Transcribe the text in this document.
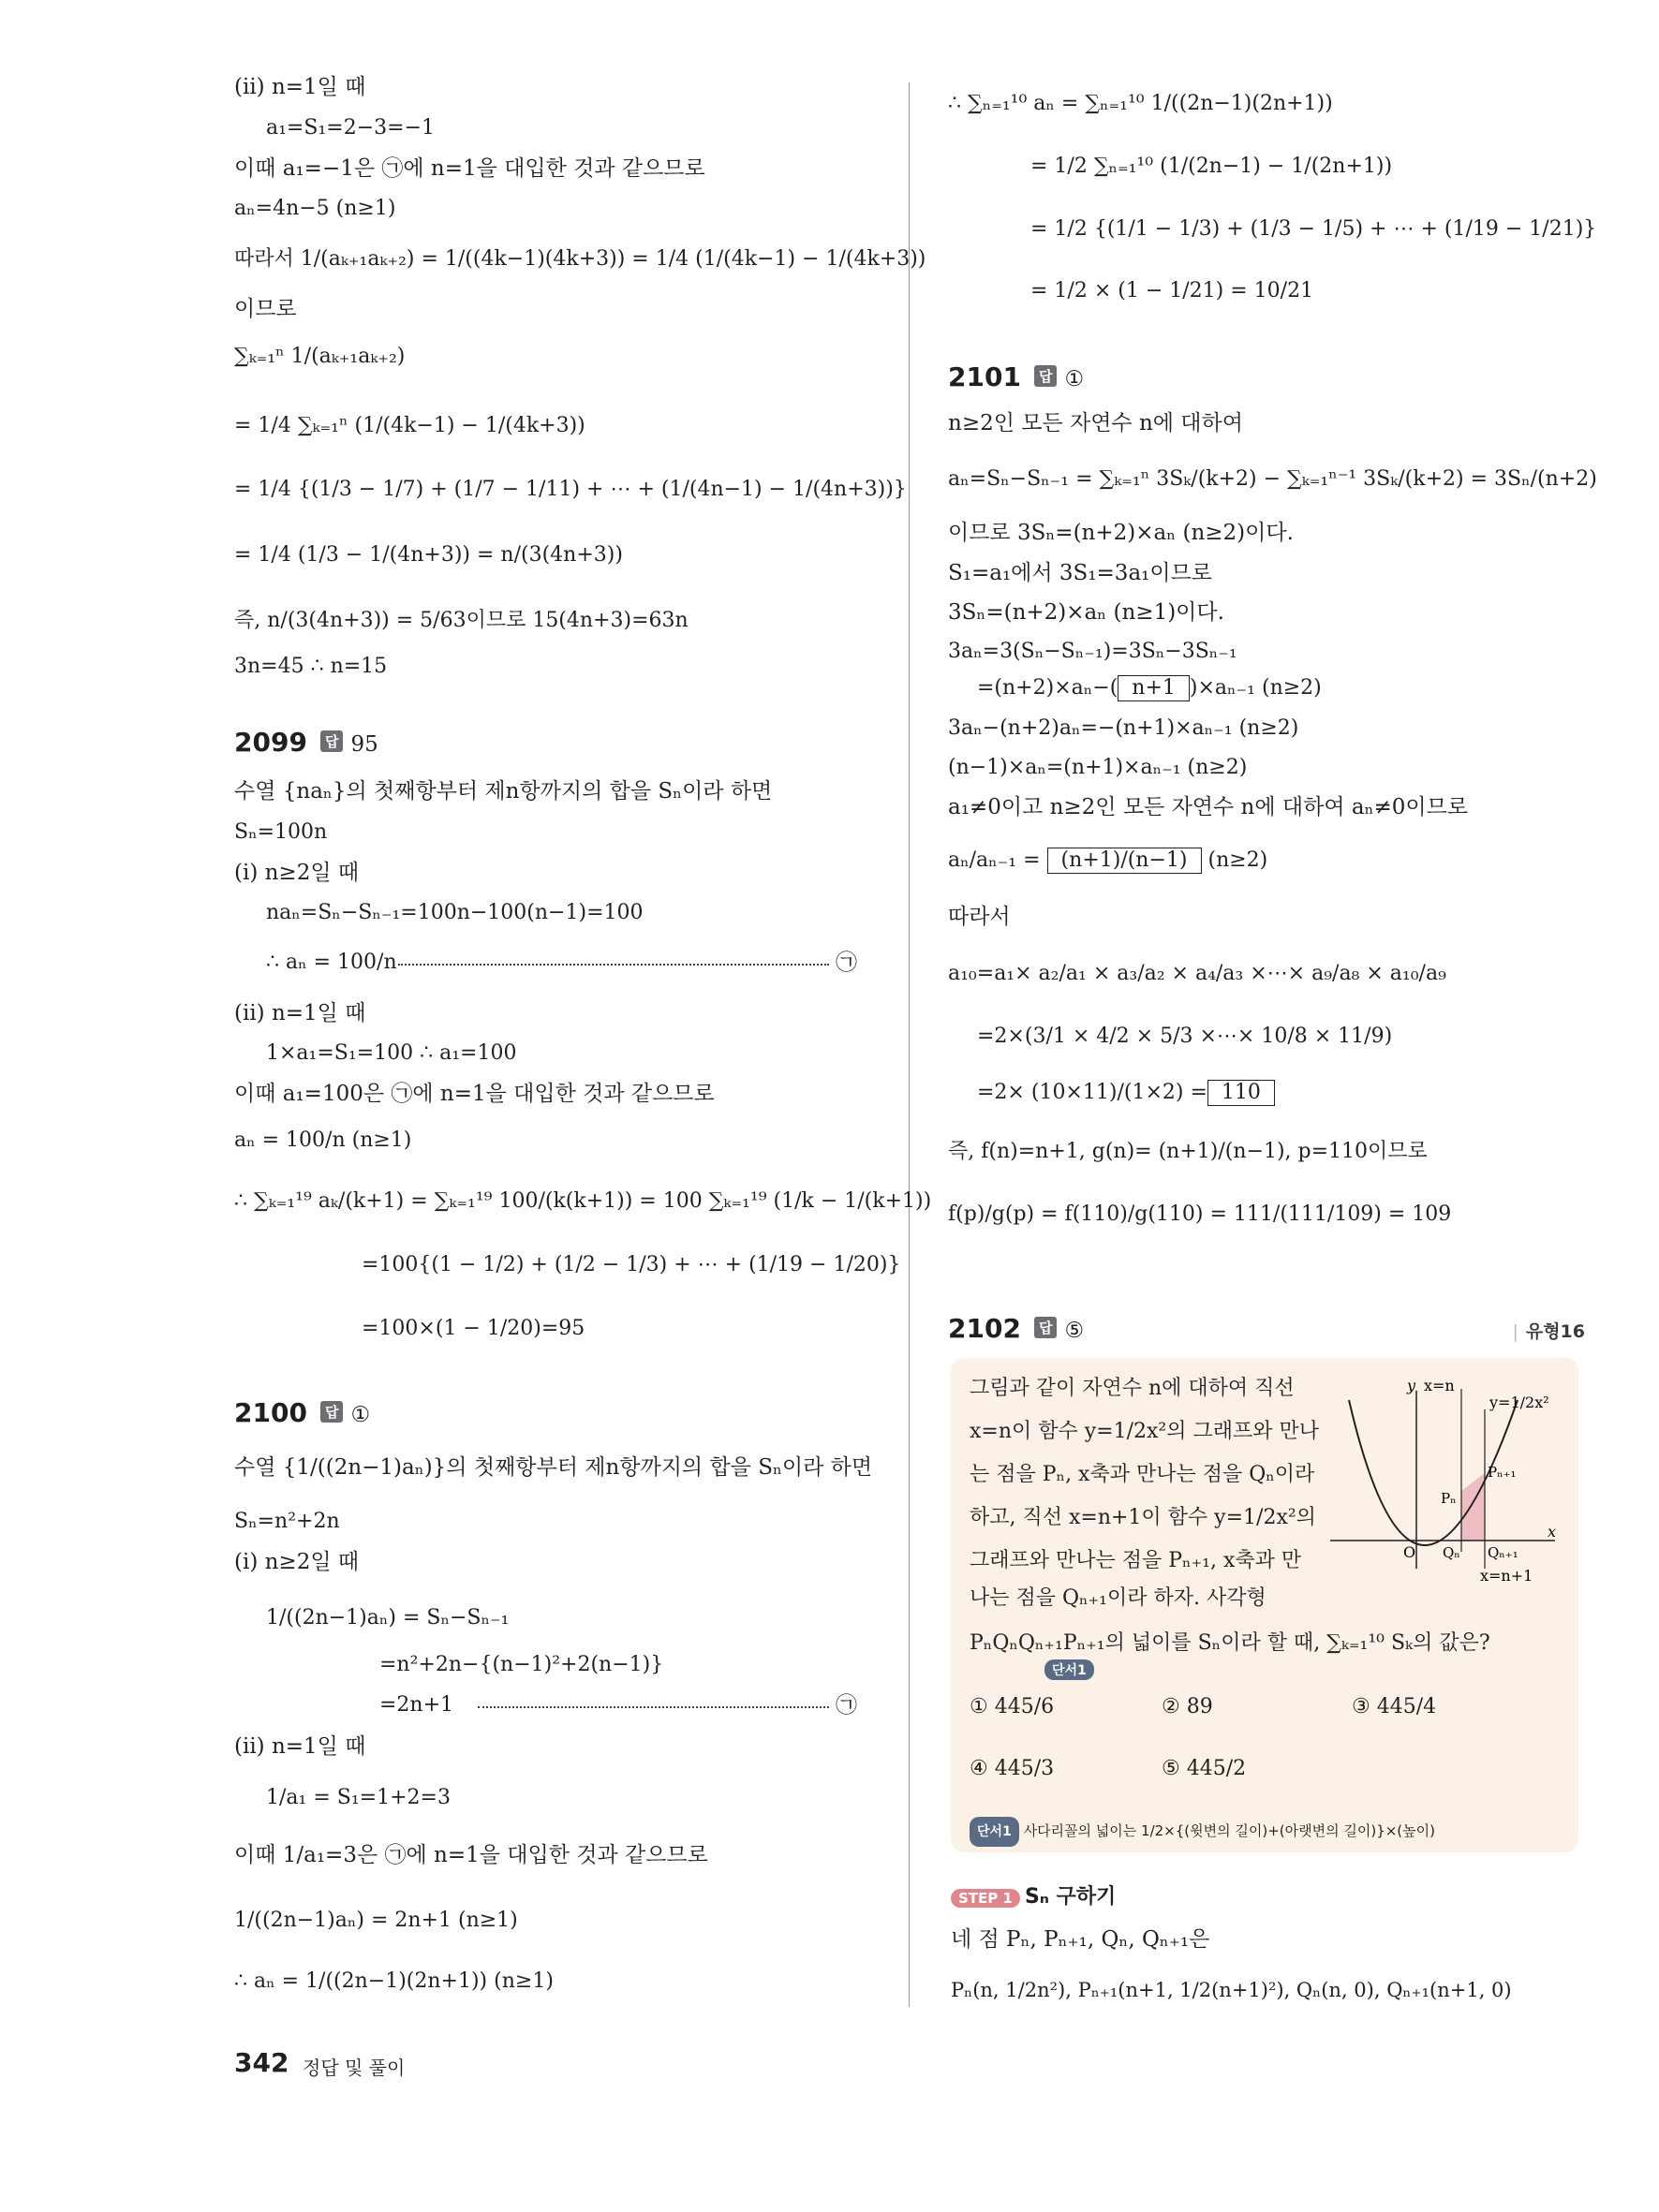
(ⅱ) n=1일 때
a₁=S₁=2−3=−1
이때 a₁=−1은 ㉠에 n=1을 대입한 것과 같으므로
aₙ=4n−5 (n≥1)
따라서 1/(aₖ₊₁aₖ₊₂) = 1/((4k−1)(4k+3)) = 1/4 (1/(4k−1) − 1/(4k+3))
이므로
∑ₖ₌₁ⁿ 1/(aₖ₊₁aₖ₊₂)
= 1/4 ∑ₖ₌₁ⁿ (1/(4k−1) − 1/(4k+3))
= 1/4 {(1/3 − 1/7) + (1/7 − 1/11) + ⋯ + (1/(4n−1) − 1/(4n+3))}
= 1/4 (1/3 − 1/(4n+3)) = n/(3(4n+3))
즉, n/(3(4n+3)) = 5/63이므로 15(4n+3)=63n
3n=45 ∴ n=15
2099 답 95
수열 {naₙ}의 첫째항부터 제n항까지의 합을 Sₙ이라 하면
Sₙ=100n
(ⅰ) n≥2일 때
naₙ=Sₙ−Sₙ₋₁=100n−100(n−1)=100
∴ aₙ = 100/n	㉠
(ⅱ) n=1일 때
1×a₁=S₁=100 ∴ a₁=100
이때 a₁=100은 ㉠에 n=1을 대입한 것과 같으므로
aₙ = 100/n (n≥1)
∴ ∑ₖ₌₁¹⁹ aₖ/(k+1) = ∑ₖ₌₁¹⁹ 100/(k(k+1)) = 100 ∑ₖ₌₁¹⁹ (1/k − 1/(k+1))
=100{(1 − 1/2) + (1/2 − 1/3) + ⋯ + (1/19 − 1/20)}
=100×(1 − 1/20)=95
2100 답 ①
수열 {1/((2n−1)aₙ)}의 첫째항부터 제n항까지의 합을 Sₙ이라 하면
Sₙ=n²+2n
(ⅰ) n≥2일 때
1/((2n−1)aₙ) = Sₙ−Sₙ₋₁
=n²+2n−{(n−1)²+2(n−1)}
=2n+1	㉠
(ⅱ) n=1일 때
1/a₁ = S₁=1+2=3
이때 1/a₁=3은 ㉠에 n=1을 대입한 것과 같으므로
1/((2n−1)aₙ) = 2n+1 (n≥1)
∴ aₙ = 1/((2n−1)(2n+1)) (n≥1)
∴ ∑ₙ₌₁¹⁰ aₙ = ∑ₙ₌₁¹⁰ 1/((2n−1)(2n+1))
= 1/2 ∑ₙ₌₁¹⁰ (1/(2n−1) − 1/(2n+1))
= 1/2 {(1/1 − 1/3) + (1/3 − 1/5) + ⋯ + (1/19 − 1/21)}
= 1/2 × (1 − 1/21) = 10/21
2101 답 ①
n≥2인 모든 자연수 n에 대하여
aₙ=Sₙ−Sₙ₋₁ = ∑ₖ₌₁ⁿ 3Sₖ/(k+2) − ∑ₖ₌₁ⁿ⁻¹ 3Sₖ/(k+2) = 3Sₙ/(n+2)
이므로 3Sₙ=(n+2)×aₙ (n≥2)이다.
S₁=a₁에서 3S₁=3a₁이므로
3Sₙ=(n+2)×aₙ (n≥1)이다.
3aₙ=3(Sₙ−Sₙ₋₁)=3Sₙ−3Sₙ₋₁
=(n+2)×aₙ−( n+1 )×aₙ₋₁ (n≥2)
3aₙ−(n+2)aₙ=−(n+1)×aₙ₋₁ (n≥2)
(n−1)×aₙ=(n+1)×aₙ₋₁ (n≥2)
a₁≠0이고 n≥2인 모든 자연수 n에 대하여 aₙ≠0이므로
aₙ/aₙ₋₁ = (n+1)/(n−1) (n≥2)
따라서
a₁₀=a₁× a₂/a₁ × a₃/a₂ × a₄/a₃ ×⋯× a₉/a₈ × a₁₀/a₉
=2×(3/1 × 4/2 × 5/3 ×⋯× 10/8 × 11/9)
=2× (10×11)/(1×2) = 110
즉, f(n)=n+1, g(n)= (n+1)/(n−1), p=110이므로
f(p)/g(p) = f(110)/g(110) = 111/(111/109) = 109
2102 답 ⑤	| 유형16
그림과 같이 자연수 n에 대하여 직선
x=n이 함수 y=1/2x²의 그래프와 만나
는 점을 Pₙ, x축과 만나는 점을 Qₙ이라
하고, 직선 x=n+1이 함수 y=1/2x²의
그래프와 만나는 점을 Pₙ₊₁, x축과 만
나는 점을 Qₙ₊₁이라 하자. 사각형
PₙQₙQₙ₊₁Pₙ₊₁의 넓이를 Sₙ이라 할 때, ∑ₖ₌₁¹⁰ Sₖ의 값은?
단서1
① 445/6	② 89	③ 445/4
④ 445/3	⑤ 445/2
단서1 사다리꼴의 넓이는 1/2×{(윗변의 길이)+(아랫변의 길이)}×(높이)
y x=n
y=1/2x²
x
O
Pₙ
Pₙ₊₁
Qₙ Qₙ₊₁
x=n+1
STEP 1 Sₙ 구하기
네 점 Pₙ, Pₙ₊₁, Qₙ, Qₙ₊₁은
Pₙ(n, 1/2n²), Pₙ₊₁(n+1, 1/2(n+1)²), Qₙ(n, 0), Qₙ₊₁(n+1, 0)
342 정답 및 풀이
